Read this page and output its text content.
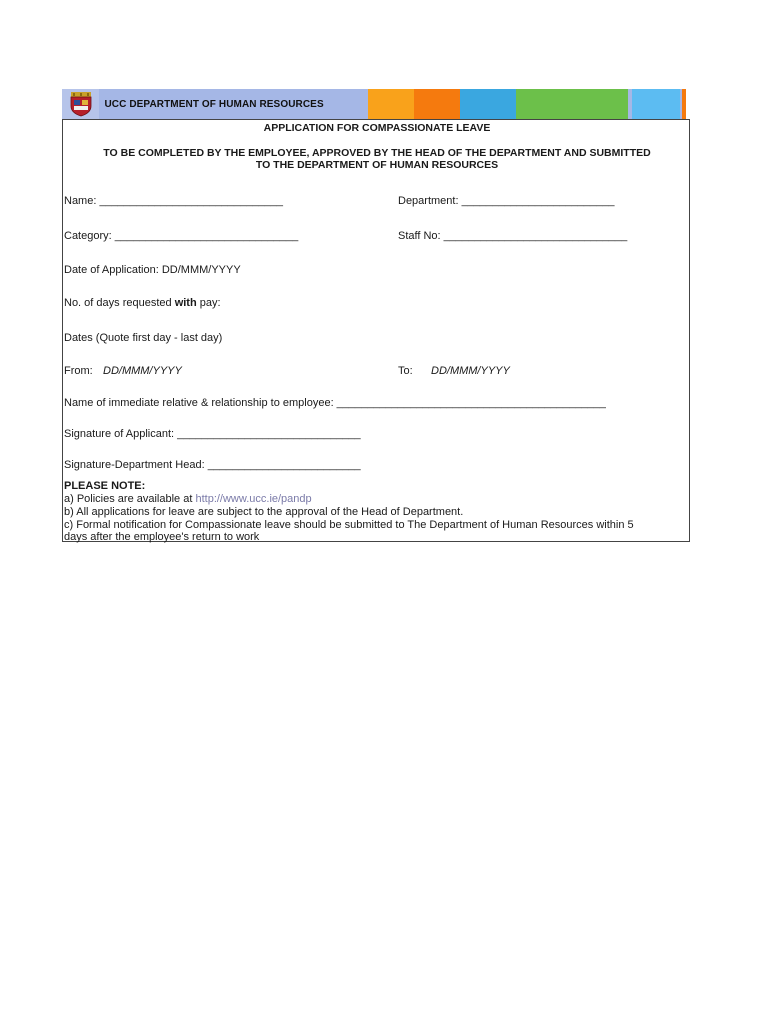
UCC DEPARTMENT OF HUMAN RESOURCES
APPLICATION FOR COMPASSIONATE LEAVE
TO BE COMPLETED BY THE EMPLOYEE, APPROVED BY THE HEAD OF THE DEPARTMENT AND SUBMITTED
TO THE DEPARTMENT OF HUMAN RESOURCES
Name: ______________________________	Department: _________________________
Category: ______________________________	Staff No: ______________________________
Date of Application: DD/MMM/YYYY
No. of days requested with pay:
Dates (Quote first day - last day)
From: DD/MMM/YYYY	To: DD/MMM/YYYY
Name of immediate relative & relationship to employee: ____________________________________________
Signature of Applicant: ______________________________
Signature-Department Head: _________________________
PLEASE NOTE:
a) Policies are available at http://www.ucc.ie/pandp
b) All applications for leave are subject to the approval of the Head of Department.
c) Formal notification for Compassionate leave should be submitted to The Department of Human Resources within 5
days after the employee's return to work
